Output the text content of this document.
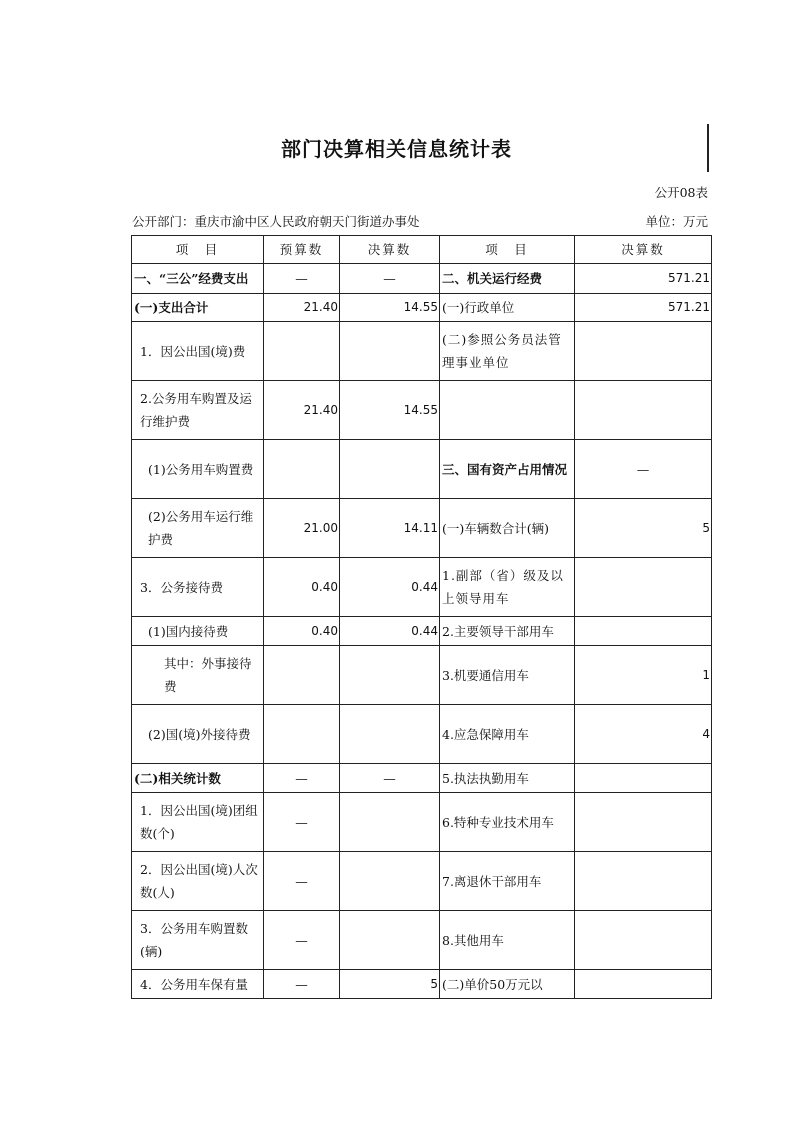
部门决算相关信息统计表
公开08表
公开部门：重庆市渝中区人民政府朝天门街道办事处	单位：万元
项　目	预算数	决算数	项　目	决算数
一、“三公”经费支出	—	—	二、机关运行经费	571.21
(一)支出合计	21.40	14.55	(一)行政单位	571.21
1．因公出国(境)费			(二)参照公务员法管理事业单位	
2.公务用车购置及运行维护费	21.40	14.55		
(1)公务用车购置费			三、国有资产占用情况	—
(2)公务用车运行维护费	21.00	14.11	(一)车辆数合计(辆)	5
3．公务接待费	0.40	0.44	1.副部（省）级及以上领导用车	
(1)国内接待费	0.40	0.44	2.主要领导干部用车	
其中：外事接待费			3.机要通信用车	1
(2)国(境)外接待费			4.应急保障用车	4
(二)相关统计数	—	—	5.执法执勤用车	
1．因公出国(境)团组数(个)	—		6.特种专业技术用车	
2．因公出国(境)人次数(人)	—		7.离退休干部用车	
3．公务用车购置数(辆)	—		8.其他用车	
4．公务用车保有量	—	5	(二)单价50万元以	
